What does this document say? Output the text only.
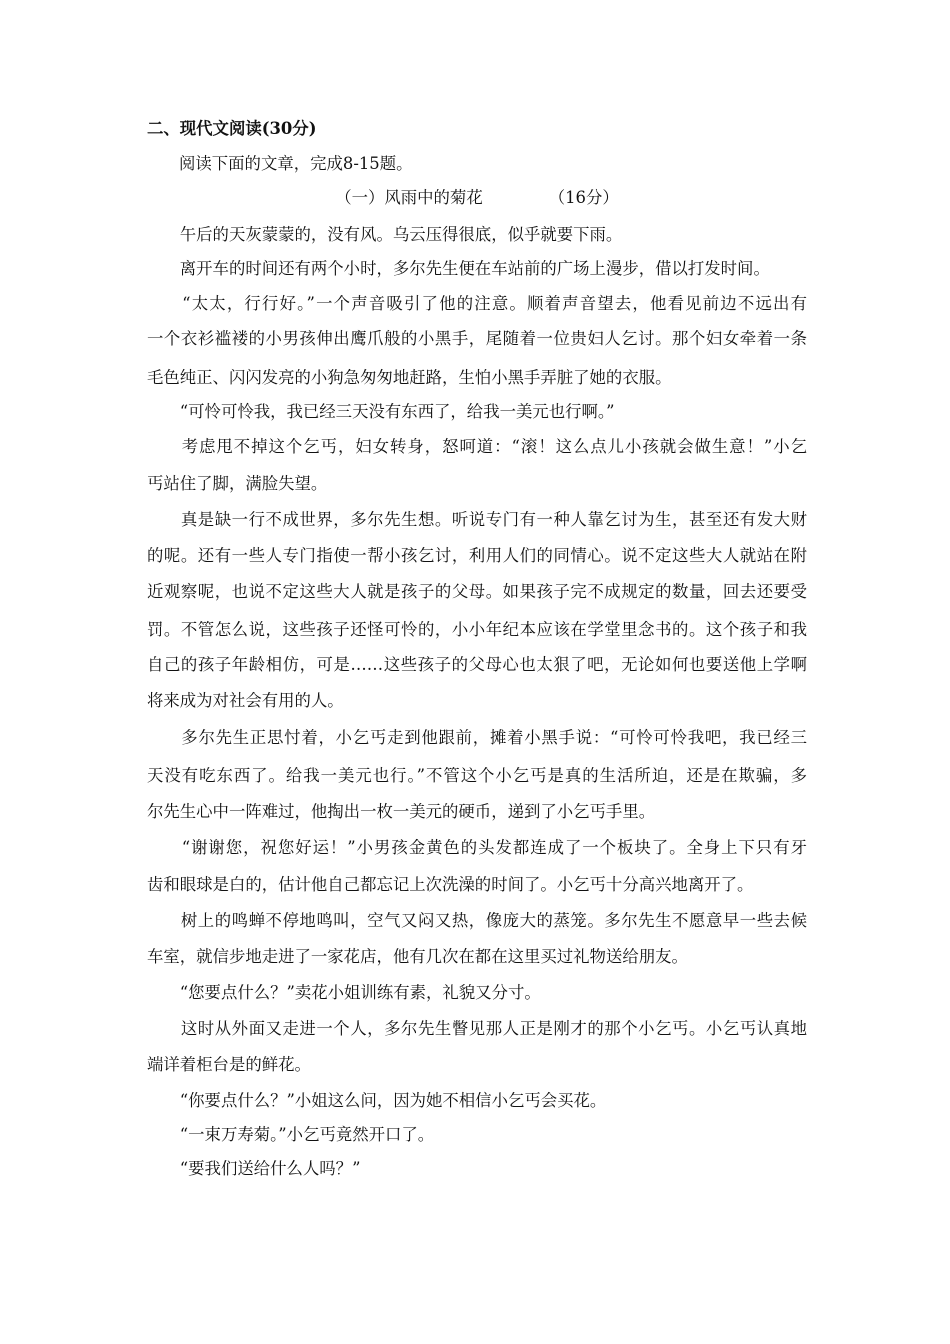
二、现代文阅读(30分)
阅读下面的文章，完成8-15题。
（一）风雨中的菊花	（16分）
　　午后的天灰蒙蒙的，没有风。乌云压得很底，似乎就要下雨。
　　离开车的时间还有两个小时，多尔先生便在车站前的广场上漫步，借以打发时间。
　　“太太，行行好。”一个声音吸引了他的注意。顺着声音望去，他看见前边不远出有
一个衣衫褴褛的小男孩伸出鹰爪般的小黑手，尾随着一位贵妇人乞讨。那个妇女牵着一条
毛色纯正、闪闪发亮的小狗急匆匆地赶路，生怕小黑手弄脏了她的衣服。
　　“可怜可怜我，我已经三天没有东西了，给我一美元也行啊。”
　　考虑甩不掉这个乞丐，妇女转身，怒呵道：“滚！这么点儿小孩就会做生意！”小乞
丐站住了脚，满脸失望。
　　真是缺一行不成世界，多尔先生想。听说专门有一种人靠乞讨为生，甚至还有发大财
的呢。还有一些人专门指使一帮小孩乞讨，利用人们的同情心。说不定这些大人就站在附
近观察呢，也说不定这些大人就是孩子的父母。如果孩子完不成规定的数量，回去还要受
罚。不管怎么说，这些孩子还怪可怜的，小小年纪本应该在学堂里念书的。这个孩子和我
自己的孩子年龄相仿，可是……这些孩子的父母心也太狠了吧，无论如何也要送他上学啊
将来成为对社会有用的人。
　　多尔先生正思忖着，小乞丐走到他跟前，摊着小黑手说：“可怜可怜我吧，我已经三
天没有吃东西了。给我一美元也行。”不管这个小乞丐是真的生活所迫，还是在欺骗，多
尔先生心中一阵难过，他掏出一枚一美元的硬币，递到了小乞丐手里。
　　“谢谢您，祝您好运！”小男孩金黄色的头发都连成了一个板块了。全身上下只有牙
齿和眼球是白的，估计他自己都忘记上次洗澡的时间了。小乞丐十分高兴地离开了。
　　树上的鸣蝉不停地鸣叫，空气又闷又热，像庞大的蒸笼。多尔先生不愿意早一些去候
车室，就信步地走进了一家花店，他有几次在都在这里买过礼物送给朋友。
　　“您要点什么？”卖花小姐训练有素，礼貌又分寸。
　　这时从外面又走进一个人，多尔先生瞥见那人正是刚才的那个小乞丐。小乞丐认真地
端详着柜台是的鲜花。
　　“你要点什么？”小姐这么问，因为她不相信小乞丐会买花。
　　“一束万寿菊。”小乞丐竟然开口了。
　　“要我们送给什么人吗？”
